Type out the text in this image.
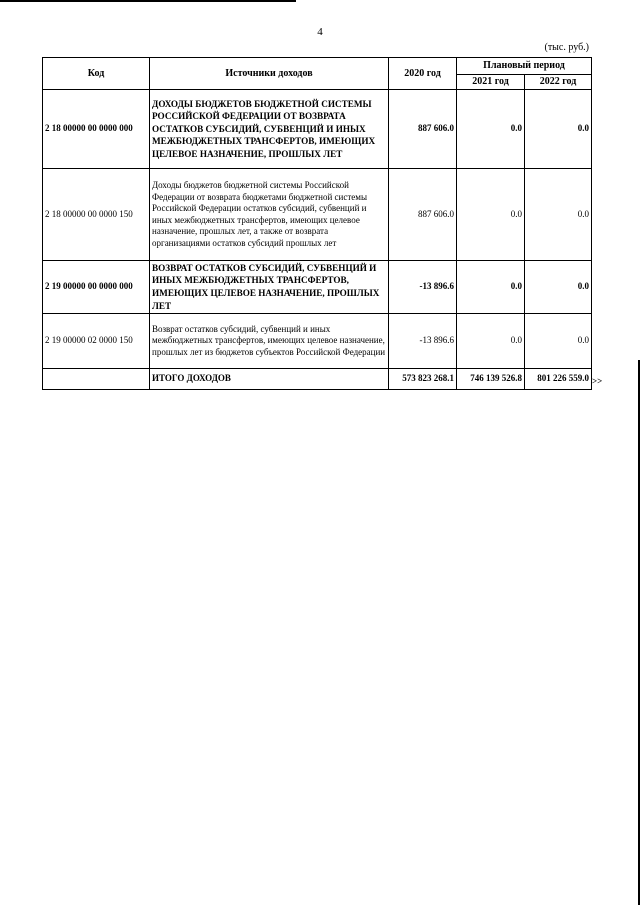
4
(тыс. руб.)
Код	Источники доходов	2020 год	Плановый период	
			2021 год	2022 год
2 18 00000 00 0000 000	ДОХОДЫ БЮДЖЕТОВ БЮДЖЕТНОЙ СИСТЕМЫ РОССИЙСКОЙ ФЕДЕРАЦИИ ОТ ВОЗВРАТА ОСТАТКОВ СУБСИДИЙ, СУБВЕНЦИЙ И ИНЫХ МЕЖБЮДЖЕТНЫХ ТРАНСФЕРТОВ, ИМЕЮЩИХ ЦЕЛЕВОЕ НАЗНАЧЕНИЕ, ПРОШЛЫХ ЛЕТ	887 606.0	0.0	0.0
2 18 00000 00 0000 150	Доходы бюджетов бюджетной системы Российской Федерации от возврата бюджетами бюджетной системы Российской Федерации остатков субсидий, субвенций и иных межбюджетных трансфертов, имеющих целевое назначение, прошлых лет, а также от возврата организациями остатков субсидий прошлых лет	887 606.0	0.0	0.0
2 19 00000 00 0000 000	ВОЗВРАТ ОСТАТКОВ СУБСИДИЙ, СУБВЕНЦИЙ И ИНЫХ МЕЖБЮДЖЕТНЫХ ТРАНСФЕРТОВ, ИМЕЮЩИХ ЦЕЛЕВОЕ НАЗНАЧЕНИЕ, ПРОШЛЫХ ЛЕТ	-13 896.6	0.0	0.0
2 19 00000 02 0000 150	Возврат остатков субсидий, субвенций и иных межбюджетных трансфертов, имеющих целевое назначение, прошлых лет из бюджетов субъектов Российской Федерации	-13 896.6	0.0	0.0
	ИТОГО ДОХОДОВ	573 823 268.1	746 139 526.8	801 226 559.0 >>
